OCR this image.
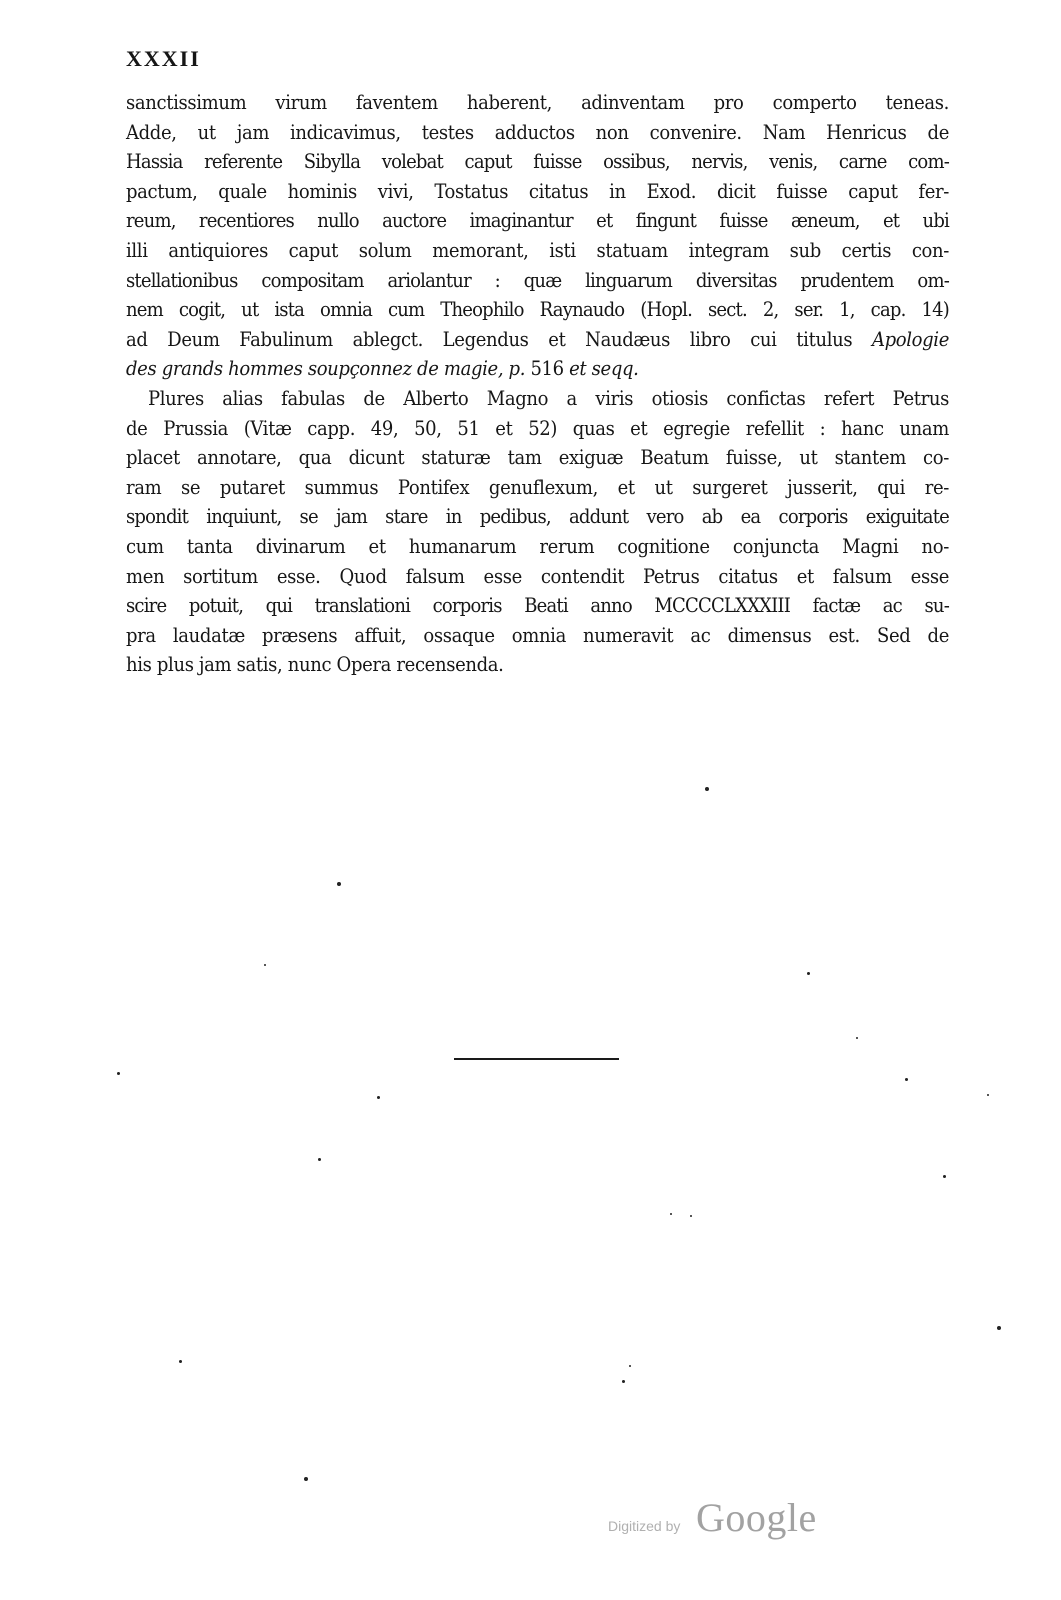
XXXII
sanctissimum virum faventem haberent, adinventam pro comperto teneas.
Adde, ut jam indicavimus, testes adductos non convenire. Nam Henricus de
Hassia referente Sibylla volebat caput fuisse ossibus, nervis, venis, carne com-
pactum, quale hominis vivi, Tostatus citatus in Exod. dicit fuisse caput fer-
reum, recentiores nullo auctore imaginantur et fingunt fuisse æneum, et ubi
illi antiquiores caput solum memorant, isti statuam integram sub certis con-
stellationibus compositam ariolantur : quæ linguarum diversitas prudentem om-
nem cogit, ut ista omnia cum Theophilo Raynaudo (Hopl. sect. 2, ser. 1, cap. 14)
ad Deum Fabulinum ablegct. Legendus et Naudæus libro cui titulus Apologie
des grands hommes soupçonnez de magie, p. 516 et seqq.
Plures alias fabulas de Alberto Magno a viris otiosis confictas refert Petrus
de Prussia (Vitæ capp. 49, 50, 51 et 52) quas et egregie refellit : hanc unam
placet annotare, qua dicunt staturæ tam exiguæ Beatum fuisse, ut stantem co-
ram se putaret summus Pontifex genuflexum, et ut surgeret jusserit, qui re-
spondit inquiunt, se jam stare in pedibus, addunt vero ab ea corporis exiguitate
cum tanta divinarum et humanarum rerum cognitione conjuncta Magni no-
men sortitum esse. Quod falsum esse contendit Petrus citatus et falsum esse
scire potuit, qui translationi corporis Beati anno MCCCCLXXXIII factæ ac su-
pra laudatæ præsens affuit, ossaque omnia numeravit ac dimensus est. Sed de
his plus jam satis, nunc Opera recensenda.
Digitized by Google
